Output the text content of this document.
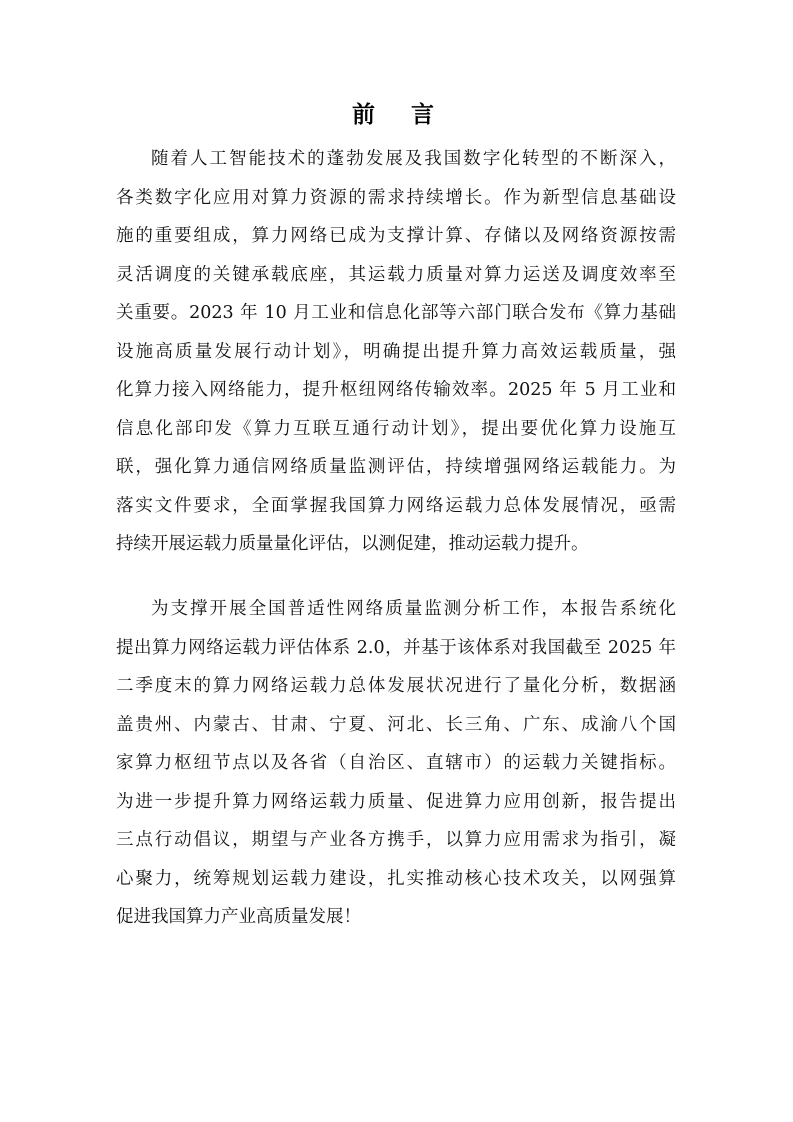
前 言
随着人工智能技术的蓬勃发展及我国数字化转型的不断深入，
各类数字化应用对算力资源的需求持续增长。作为新型信息基础设
施的重要组成，算力网络已成为支撑计算、存储以及网络资源按需
灵活调度的关键承载底座，其运载力质量对算力运送及调度效率至
关重要。2023 年 10 月工业和信息化部等六部门联合发布《算力基础
设施高质量发展行动计划》，明确提出提升算力高效运载质量，强
化算力接入网络能力，提升枢纽网络传输效率。2025 年 5 月工业和
信息化部印发《算力互联互通行动计划》，提出要优化算力设施互
联，强化算力通信网络质量监测评估，持续增强网络运载能力。为
落实文件要求，全面掌握我国算力网络运载力总体发展情况，亟需
持续开展运载力质量量化评估，以测促建，推动运载力提升。
为支撑开展全国普适性网络质量监测分析工作，本报告系统化
提出算力网络运载力评估体系 2.0，并基于该体系对我国截至 2025 年
二季度末的算力网络运载力总体发展状况进行了量化分析，数据涵
盖贵州、内蒙古、甘肃、宁夏、河北、长三角、广东、成渝八个国
家算力枢纽节点以及各省（自治区、直辖市）的运载力关键指标。
为进一步提升算力网络运载力质量、促进算力应用创新，报告提出
三点行动倡议，期望与产业各方携手，以算力应用需求为指引，凝
心聚力，统筹规划运载力建设，扎实推动核心技术攻关，以网强算
促进我国算力产业高质量发展！
